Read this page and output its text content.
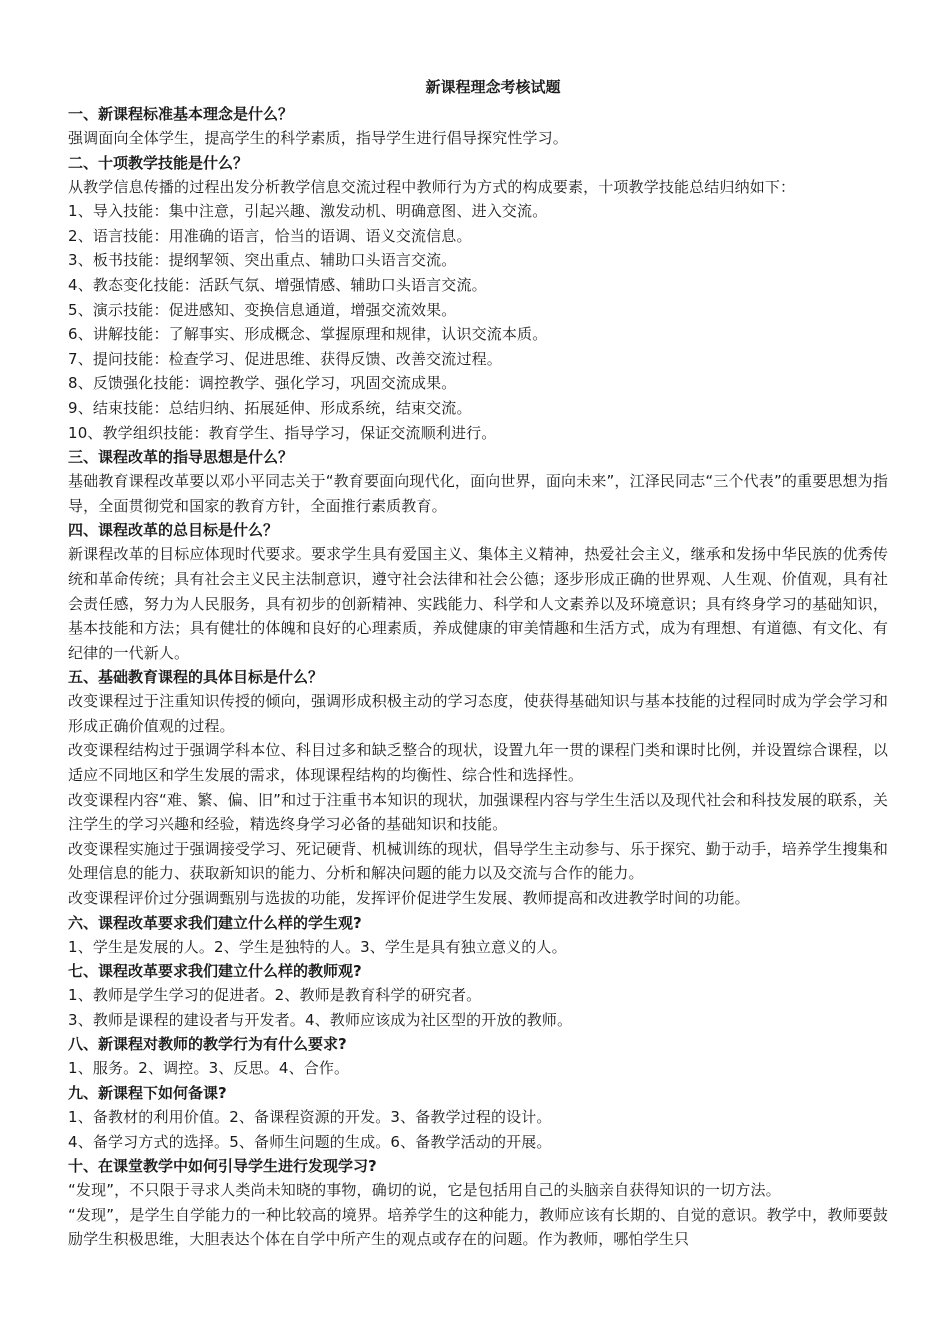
新课程理念考核试题
一、新课程标准基本理念是什么？

强调面向全体学生，提高学生的科学素质，指导学生进行倡导探究性学习。

二、十项教学技能是什么？

从教学信息传播的过程出发分析教学信息交流过程中教师行为方式的构成要素，十项教学技能总结归纳如下：

1、导入技能：集中注意，引起兴趣、激发动机、明确意图、进入交流。

2、语言技能：用准确的语言，恰当的语调、语义交流信息。

3、板书技能：提纲挈领、突出重点、辅助口头语言交流。

4、教态变化技能：活跃气氛、增强情感、辅助口头语言交流。

5、演示技能：促进感知、变换信息通道，增强交流效果。

6、讲解技能：了解事实、形成概念、掌握原理和规律，认识交流本质。

7、提问技能：检查学习、促进思维、获得反馈、改善交流过程。

8、反馈强化技能：调控教学、强化学习，巩固交流成果。

9、结束技能：总结归纳、拓展延伸、形成系统，结束交流。

10、教学组织技能：教育学生、指导学习，保证交流顺利进行。

三、课程改革的指导思想是什么？

基础教育课程改革要以邓小平同志关于“教育要面向现代化，面向世界，面向未来”，江泽民同志“三个代表”的重要思想为指导，全面贯彻党和国家的教育方针，全面推行素质教育。

四、课程改革的总目标是什么？

新课程改革的目标应体现时代要求。要求学生具有爱国主义、集体主义精神，热爱社会主义，继承和发扬中华民族的优秀传统和革命传统；具有社会主义民主法制意识，遵守社会法律和社会公德；逐步形成正确的世界观、人生观、价值观，具有社会责任感，努力为人民服务，具有初步的创新精神、实践能力、科学和人文素养以及环境意识；具有终身学习的基础知识，基本技能和方法；具有健壮的体魄和良好的心理素质，养成健康的审美情趣和生活方式，成为有理想、有道德、有文化、有纪律的一代新人。

五、基础教育课程的具体目标是什么？

改变课程过于注重知识传授的倾向，强调形成积极主动的学习态度，使获得基础知识与基本技能的过程同时成为学会学习和形成正确价值观的过程。

改变课程结构过于强调学科本位、科目过多和缺乏整合的现状，设置九年一贯的课程门类和课时比例，并设置综合课程，以适应不同地区和学生发展的需求，体现课程结构的均衡性、综合性和选择性。

改变课程内容“难、繁、偏、旧”和过于注重书本知识的现状，加强课程内容与学生生活以及现代社会和科技发展的联系，关注学生的学习兴趣和经验，精选终身学习必备的基础知识和技能。

改变课程实施过于强调接受学习、死记硬背、机械训练的现状，倡导学生主动参与、乐于探究、勤于动手，培养学生搜集和处理信息的能力、获取新知识的能力、分析和解决问题的能力以及交流与合作的能力。

改变课程评价过分强调甄别与选拔的功能，发挥评价促进学生发展、教师提高和改进教学时间的功能。

六、课程改革要求我们建立什么样的学生观?

1、学生是发展的人。2、学生是独特的人。3、学生是具有独立意义的人。

七、课程改革要求我们建立什么样的教师观?

1、教师是学生学习的促进者。2、教师是教育科学的研究者。

3、教师是课程的建设者与开发者。4、教师应该成为社区型的开放的教师。

八、新课程对教师的教学行为有什么要求?

1、服务。2、调控。3、反思。4、合作。

九、新课程下如何备课?

1、备教材的利用价值。2、备课程资源的开发。3、备教学过程的设计。

4、备学习方式的选择。5、备师生问题的生成。6、备教学活动的开展。

十、在课堂教学中如何引导学生进行发现学习?

“发现”，不只限于寻求人类尚未知晓的事物，确切的说，它是包括用自己的头脑亲自获得知识的一切方法。

“发现”，是学生自学能力的一种比较高的境界。培养学生的这种能力，教师应该有长期的、自觉的意识。教学中，教师要鼓励学生积极思维，大胆表达个体在自学中所产生的观点或存在的问题。作为教师，哪怕学生只
